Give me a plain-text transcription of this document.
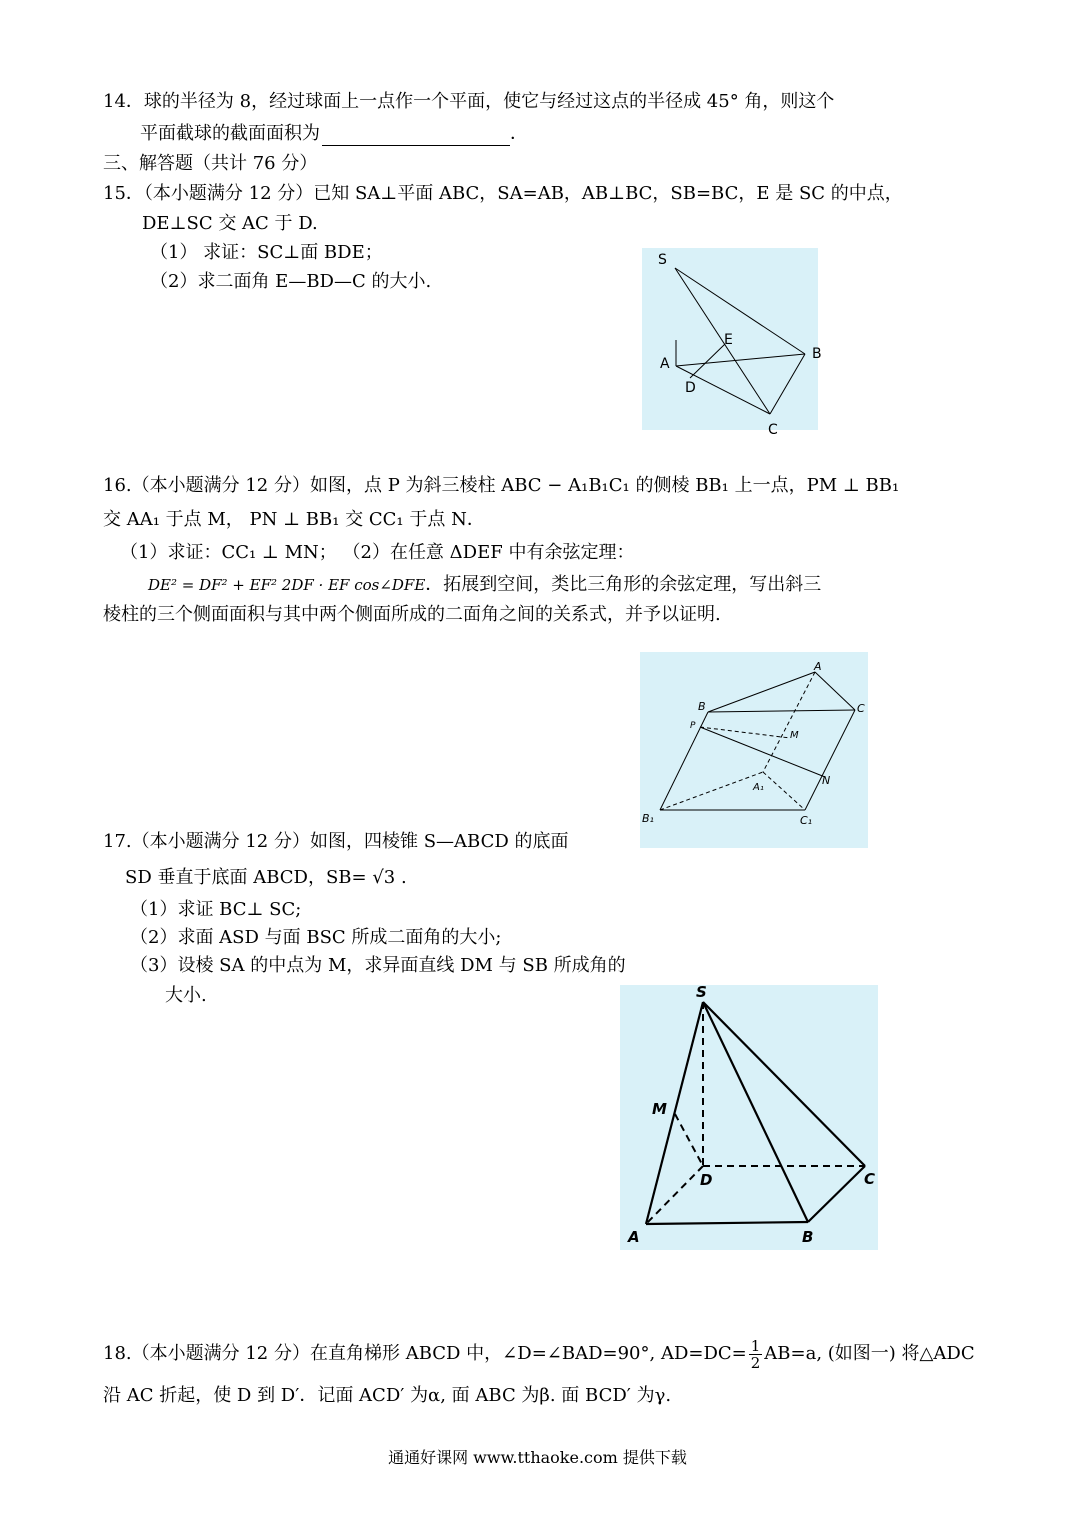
14．球的半径为 8，经过球面上一点作一个平面，使它与经过这点的半径成 45° 角，则这个
平面截球的截面面积为	．
三、解答题（共计 76 分）
15．（本小题满分 12 分）已知 SA⊥平面 ABC，SA=AB，AB⊥BC，SB=BC，E 是 SC 的中点，
DE⊥SC 交 AC 于 D.
（1） 求证：SC⊥面 BDE；
（2）求二面角 E—BD—C 的大小.
S
E
A
B
D
C
16.（本小题满分 12 分）如图，点 P 为斜三棱柱 ABC − A₁B₁C₁ 的侧棱 BB₁ 上一点，PM ⊥ BB₁
交 AA₁ 于点 M， PN ⊥ BB₁ 交 CC₁ 于点 N．
（1）求证：CC₁ ⊥ MN； （2）在任意 ΔDEF 中有余弦定理：
DE² = DF² + EF² 2DF · EF cos∠DFE．拓展到空间，类比三角形的余弦定理，写出斜三
棱柱的三个侧面面积与其中两个侧面所成的二面角之间的关系式，并予以证明.
A
B	C
P
M
A₁
N
B₁	C₁
17.（本小题满分 12 分）如图，四棱锥 S—ABCD 的底面
SD 垂直于底面 ABCD，SB= √3 .
（1）求证 BC⊥ SC;
（2）求面 ASD 与面 BSC 所成二面角的大小;
（3）设棱 SA 的中点为 M，求异面直线 DM 与 SB 所成角的
大小.	S
M
D	C
A	B
18.（本小题满分 12 分）在直角梯形 ABCD 中，∠D=∠BAD=90°, $AD=DC= \frac{1}{2} AB=a$, (如图一) 将△ADC
沿 AC 折起，使 D 到 D′．记面 ACD′ 为α, 面 ABC 为β. 面 BCD′ 为γ.
通通好课网 www.tthaoke.com 提供下载
